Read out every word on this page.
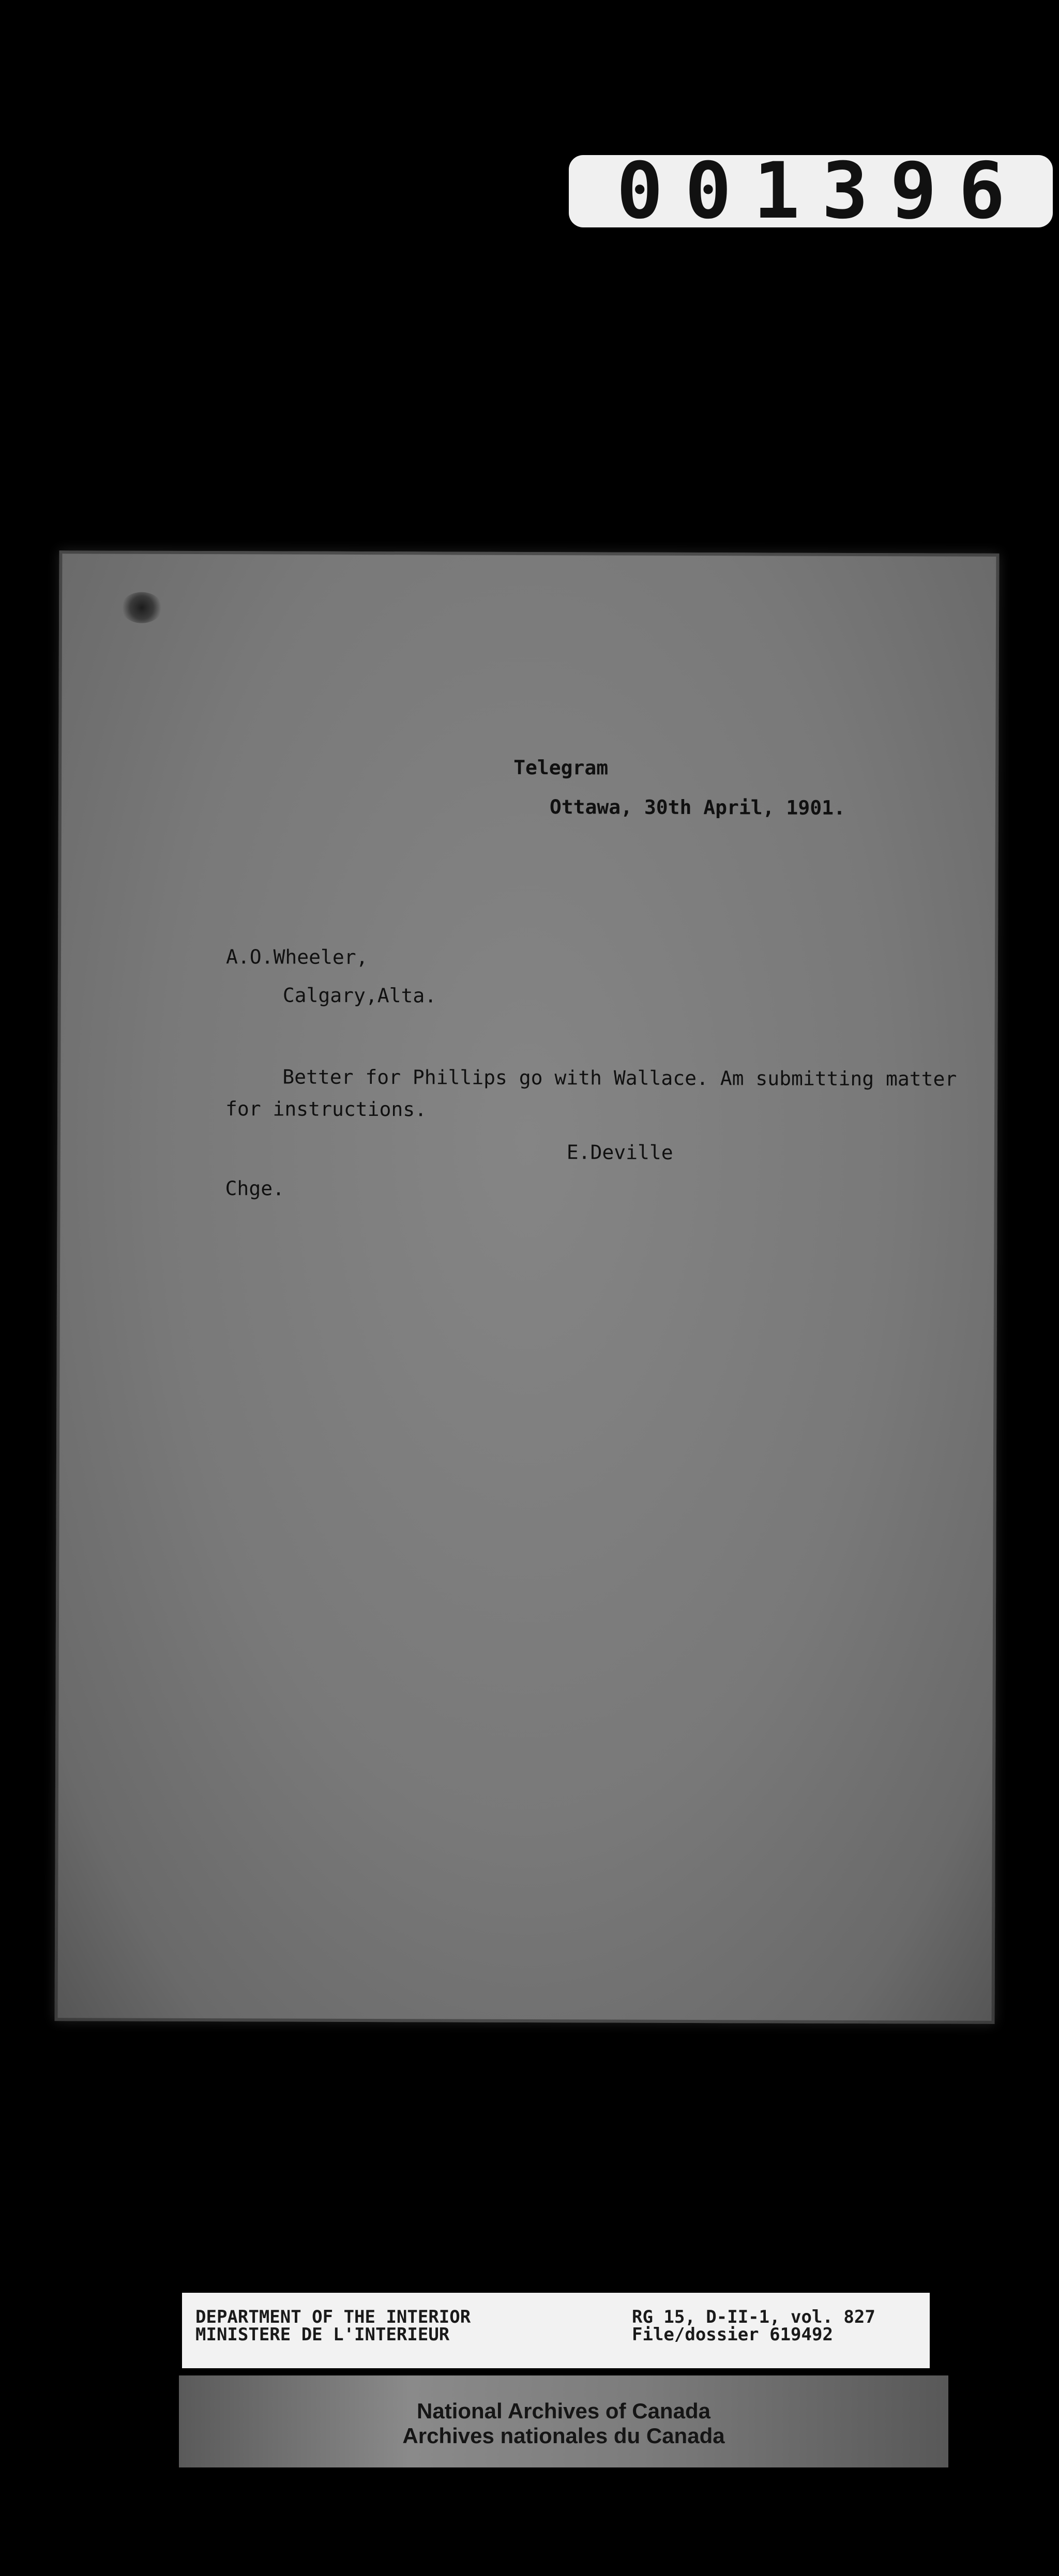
001396
Telegram
Ottawa, 30th April, 1901.
A.O.Wheeler,
Calgary,Alta.
Better for Phillips go with Wallace. Am submitting matter
for instructions.
E.Deville
Chge.
DEPARTMENT OF THE INTERIOR
MINISTERE DE L'INTERIEUR
RG 15, D-II-1, vol. 827
File/dossier 619492
National Archives of Canada
Archives nationales du Canada
